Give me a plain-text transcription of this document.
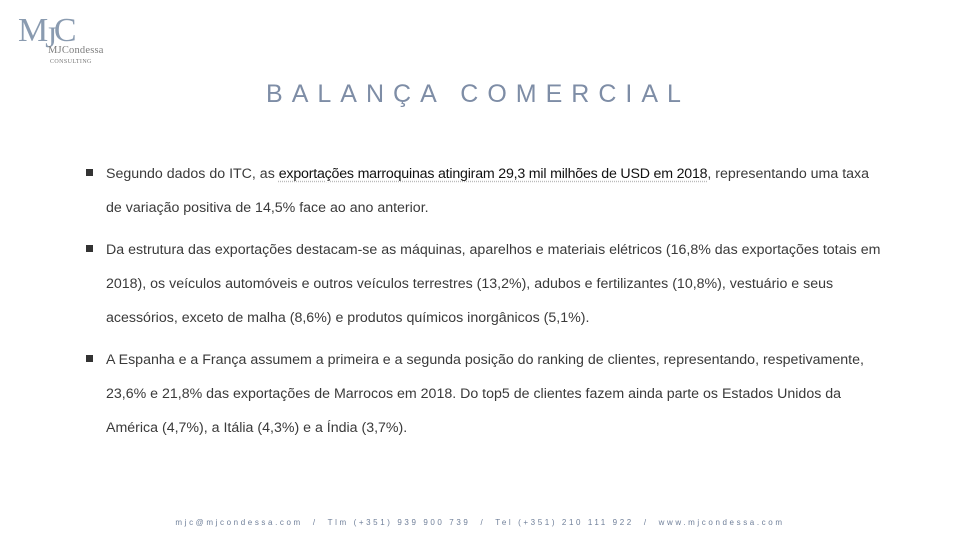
MJC
MJCondessa
CONSULTING
BALANÇA COMERCIAL
Segundo dados do ITC, as exportações marroquinas atingiram 29,3 mil milhões de USD em 2018, representando uma taxa de variação positiva de 14,5% face ao ano anterior.
Da estrutura das exportações destacam-se as máquinas, aparelhos e materiais elétricos (16,8% das exportações totais em 2018), os veículos automóveis e outros veículos terrestres (13,2%), adubos e fertilizantes (10,8%), vestuário e seus acessórios, exceto de malha (8,6%) e produtos químicos inorgânicos (5,1%).
A Espanha e a França assumem a primeira e a segunda posição do ranking de clientes, representando, respetivamente, 23,6% e 21,8% das exportações de Marrocos em 2018. Do top5 de clientes fazem ainda parte os Estados Unidos da América (4,7%), a Itália (4,3%) e a Índia (3,7%).
mjc@mjcondessa.com / Tlm (+351) 939 900 739 / Tel (+351) 210 111 922 / www.mjcondessa.com
